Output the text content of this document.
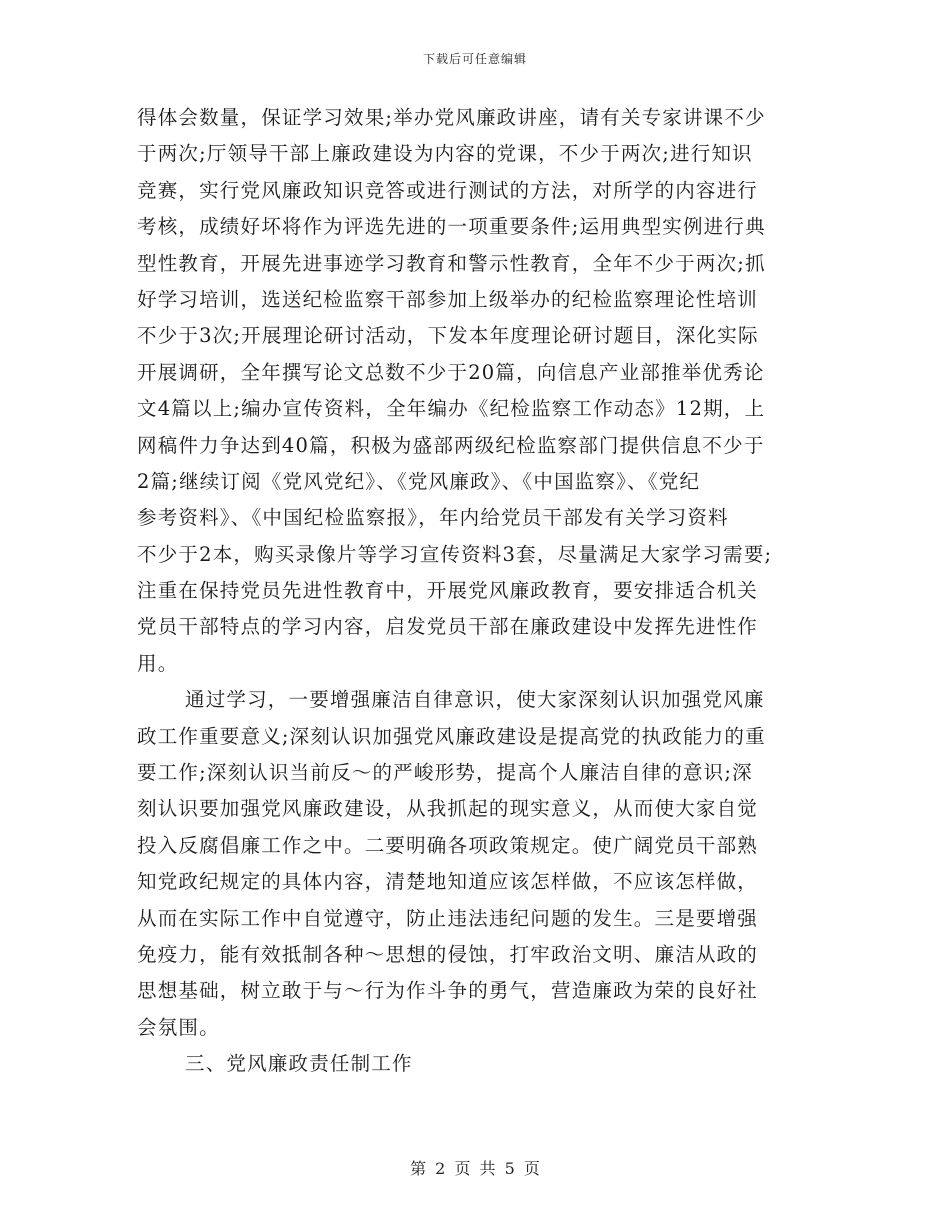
下载后可任意编辑
得体会数量，保证学习效果;举办党风廉政讲座，请有关专家讲课不少
于两次;厅领导干部上廉政建设为内容的党课，不少于两次;进行知识
竞赛，实行党风廉政知识竞答或进行测试的方法，对所学的内容进行
考核，成绩好坏将作为评选先进的一项重要条件;运用典型实例进行典
型性教育，开展先进事迹学习教育和警示性教育，全年不少于两次;抓
好学习培训，选送纪检监察干部参加上级举办的纪检监察理论性培训
不少于3次;开展理论研讨活动，下发本年度理论研讨题目，深化实际
开展调研，全年撰写论文总数不少于20篇，向信息产业部推举优秀论
文4篇以上;编办宣传资料，全年编办《纪检监察工作动态》12期，上
网稿件力争达到40篇，积极为盛部两级纪检监察部门提供信息不少于
2篇;继续订阅《党风党纪》、《党风廉政》、《中国监察》、《党纪
参考资料》、《中国纪检监察报》，年内给党员干部发有关学习资料
不少于2本，购买录像片等学习宣传资料3套，尽量满足大家学习需要;
注重在保持党员先进性教育中，开展党风廉政教育，要安排适合机关
党员干部特点的学习内容，启发党员干部在廉政建设中发挥先进性作
用。
通过学习，一要增强廉洁自律意识，使大家深刻认识加强党风廉
政工作重要意义;深刻认识加强党风廉政建设是提高党的执政能力的重
要工作;深刻认识当前反～的严峻形势，提高个人廉洁自律的意识;深
刻认识要加强党风廉政建设，从我抓起的现实意义，从而使大家自觉
投入反腐倡廉工作之中。二要明确各项政策规定。使广阔党员干部熟
知党政纪规定的具体内容，清楚地知道应该怎样做，不应该怎样做，
从而在实际工作中自觉遵守，防止违法违纪问题的发生。三是要增强
免疫力，能有效抵制各种～思想的侵蚀，打牢政治文明、廉洁从政的
思想基础，树立敢于与～行为作斗争的勇气，营造廉政为荣的良好社
会氛围。
三、党风廉政责任制工作
第 2 页 共 5 页
